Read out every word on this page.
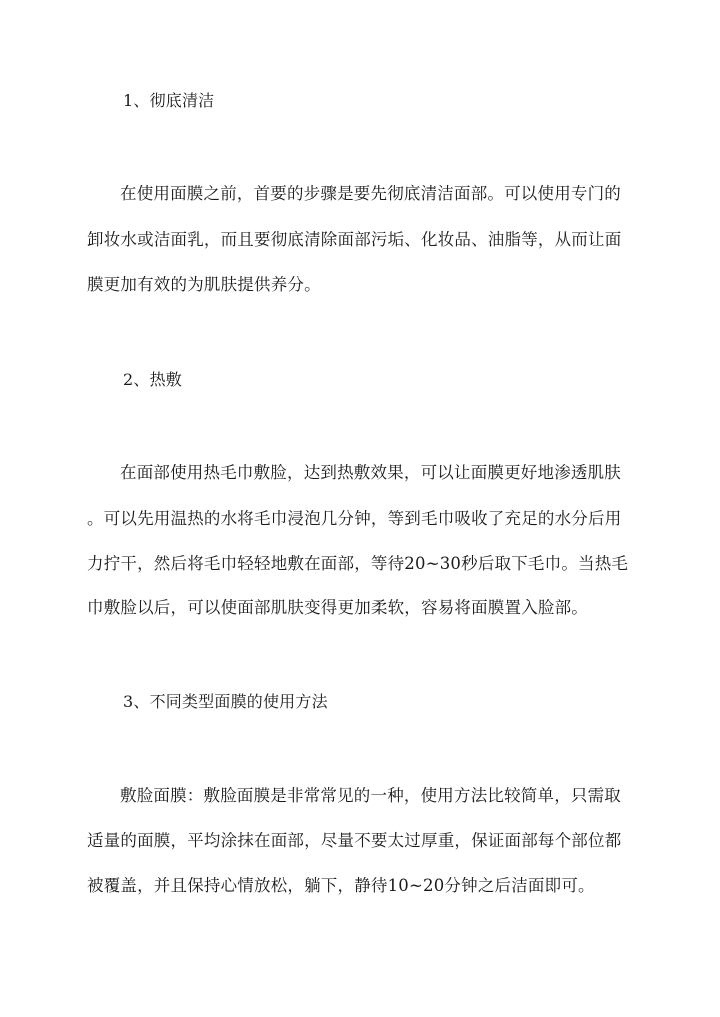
1、彻底清洁
在使用面膜之前，首要的步骤是要先彻底清洁面部。可以使用专门的
卸妆水或洁面乳，而且要彻底清除面部污垢、化妆品、油脂等，从而让面
膜更加有效的为肌肤提供养分。
2、热敷
在面部使用热毛巾敷脸，达到热敷效果，可以让面膜更好地渗透肌肤
。可以先用温热的水将毛巾浸泡几分钟，等到毛巾吸收了充足的水分后用
力拧干，然后将毛巾轻轻地敷在面部，等待20~30秒后取下毛巾。当热毛
巾敷脸以后，可以使面部肌肤变得更加柔软，容易将面膜置入脸部。
3、不同类型面膜的使用方法
敷脸面膜：敷脸面膜是非常常见的一种，使用方法比较简单，只需取
适量的面膜，平均涂抹在面部，尽量不要太过厚重，保证面部每个部位都
被覆盖，并且保持心情放松，躺下，静待10~20分钟之后洁面即可。
